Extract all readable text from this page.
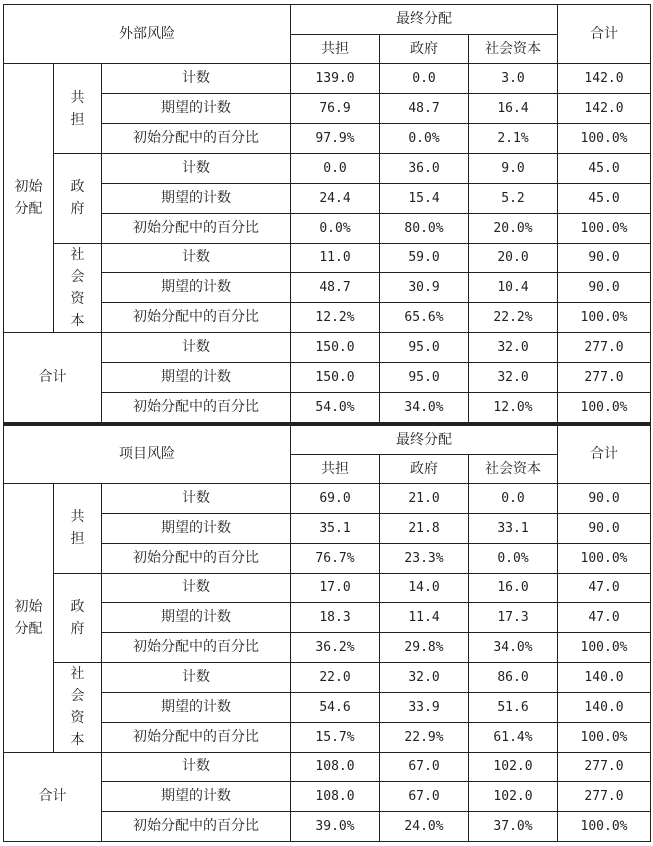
外部风险			最终分配			合计
			共担	政府	社会资本	
初始分配	共担	计数	139.0	0.0	3.0	142.0
		期望的计数	76.9	48.7	16.4	142.0
		初始分配中的百分比	97.9%	0.0%	2.1%	100.0%
	政府	计数	0.0	36.0	9.0	45.0
		期望的计数	24.4	15.4	5.2	45.0
		初始分配中的百分比	0.0%	80.0%	20.0%	100.0%
	社会资本	计数	11.0	59.0	20.0	90.0
		期望的计数	48.7	30.9	10.4	90.0
		初始分配中的百分比	12.2%	65.6%	22.2%	100.0%
合计		计数	150.0	95.0	32.0	277.0
		期望的计数	150.0	95.0	32.0	277.0
		初始分配中的百分比	54.0%	34.0%	12.0%	100.0%
项目风险			最终分配			合计
			共担	政府	社会资本	
初始分配	共担	计数	69.0	21.0	0.0	90.0
		期望的计数	35.1	21.8	33.1	90.0
		初始分配中的百分比	76.7%	23.3%	0.0%	100.0%
	政府	计数	17.0	14.0	16.0	47.0
		期望的计数	18.3	11.4	17.3	47.0
		初始分配中的百分比	36.2%	29.8%	34.0%	100.0%
	社会资本	计数	22.0	32.0	86.0	140.0
		期望的计数	54.6	33.9	51.6	140.0
		初始分配中的百分比	15.7%	22.9%	61.4%	100.0%
合计		计数	108.0	67.0	102.0	277.0
		期望的计数	108.0	67.0	102.0	277.0
		初始分配中的百分比	39.0%	24.0%	37.0%	100.0%
